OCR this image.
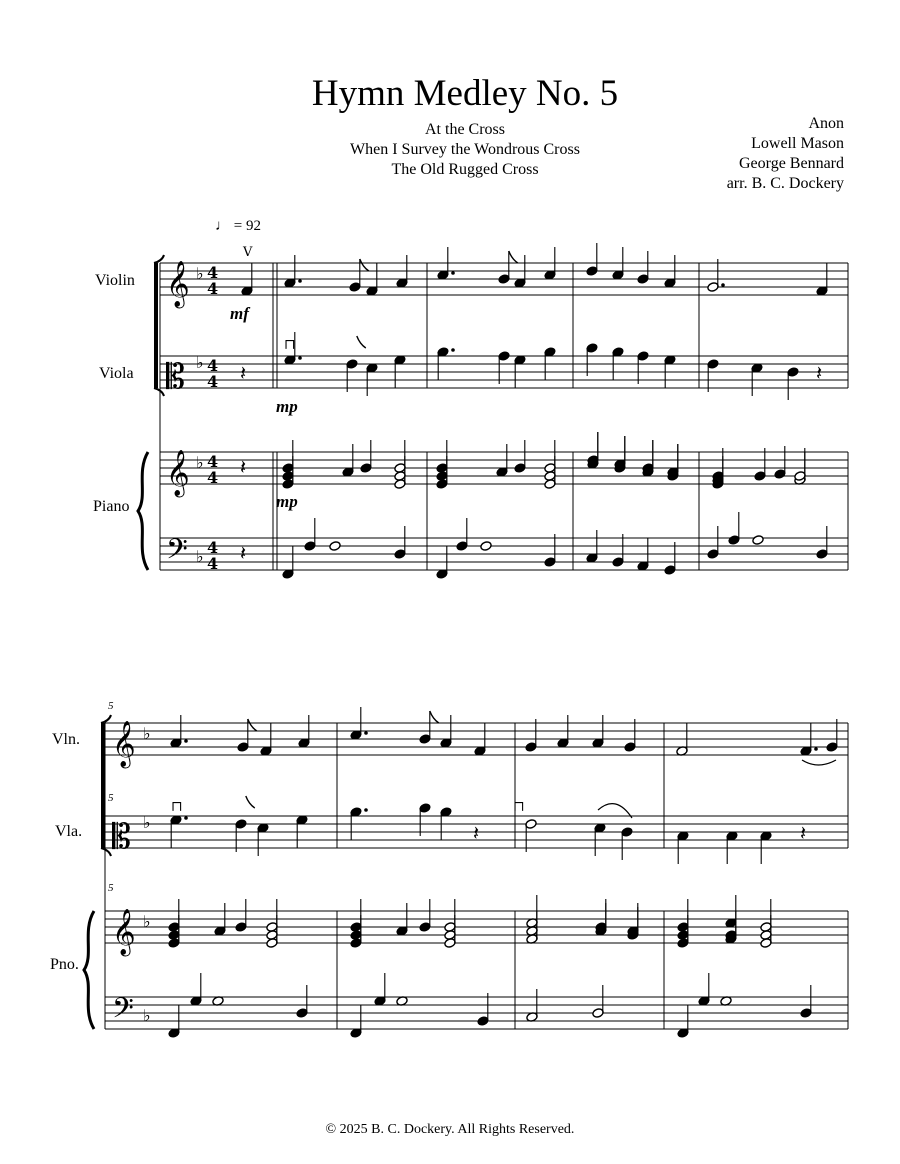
Hymn Medley No. 5
At the Cross
When I Survey the Wondrous Cross
The Old Rugged Cross
Anon
Lowell Mason
George Bennard
arr. B. C. Dockery
♩ = 92
Violin
Viola
Piano
Vln.
Vla.
Pno.
5
5
5
mf
mp
mp
𝄞 ♭ 4
4
𝄡 ♭ 4
4
𝄞 ♭ 4
4
𝄢 ♭ 4
4
V
𝄽	𝄽
⊓
𝄽
𝄽
𝄞 ♭
𝄡 ♭
𝄞 ♭
𝄢 ♭
⊓	⊓
𝄽	𝄽
© 2025 B. C. Dockery. All Rights Reserved.
